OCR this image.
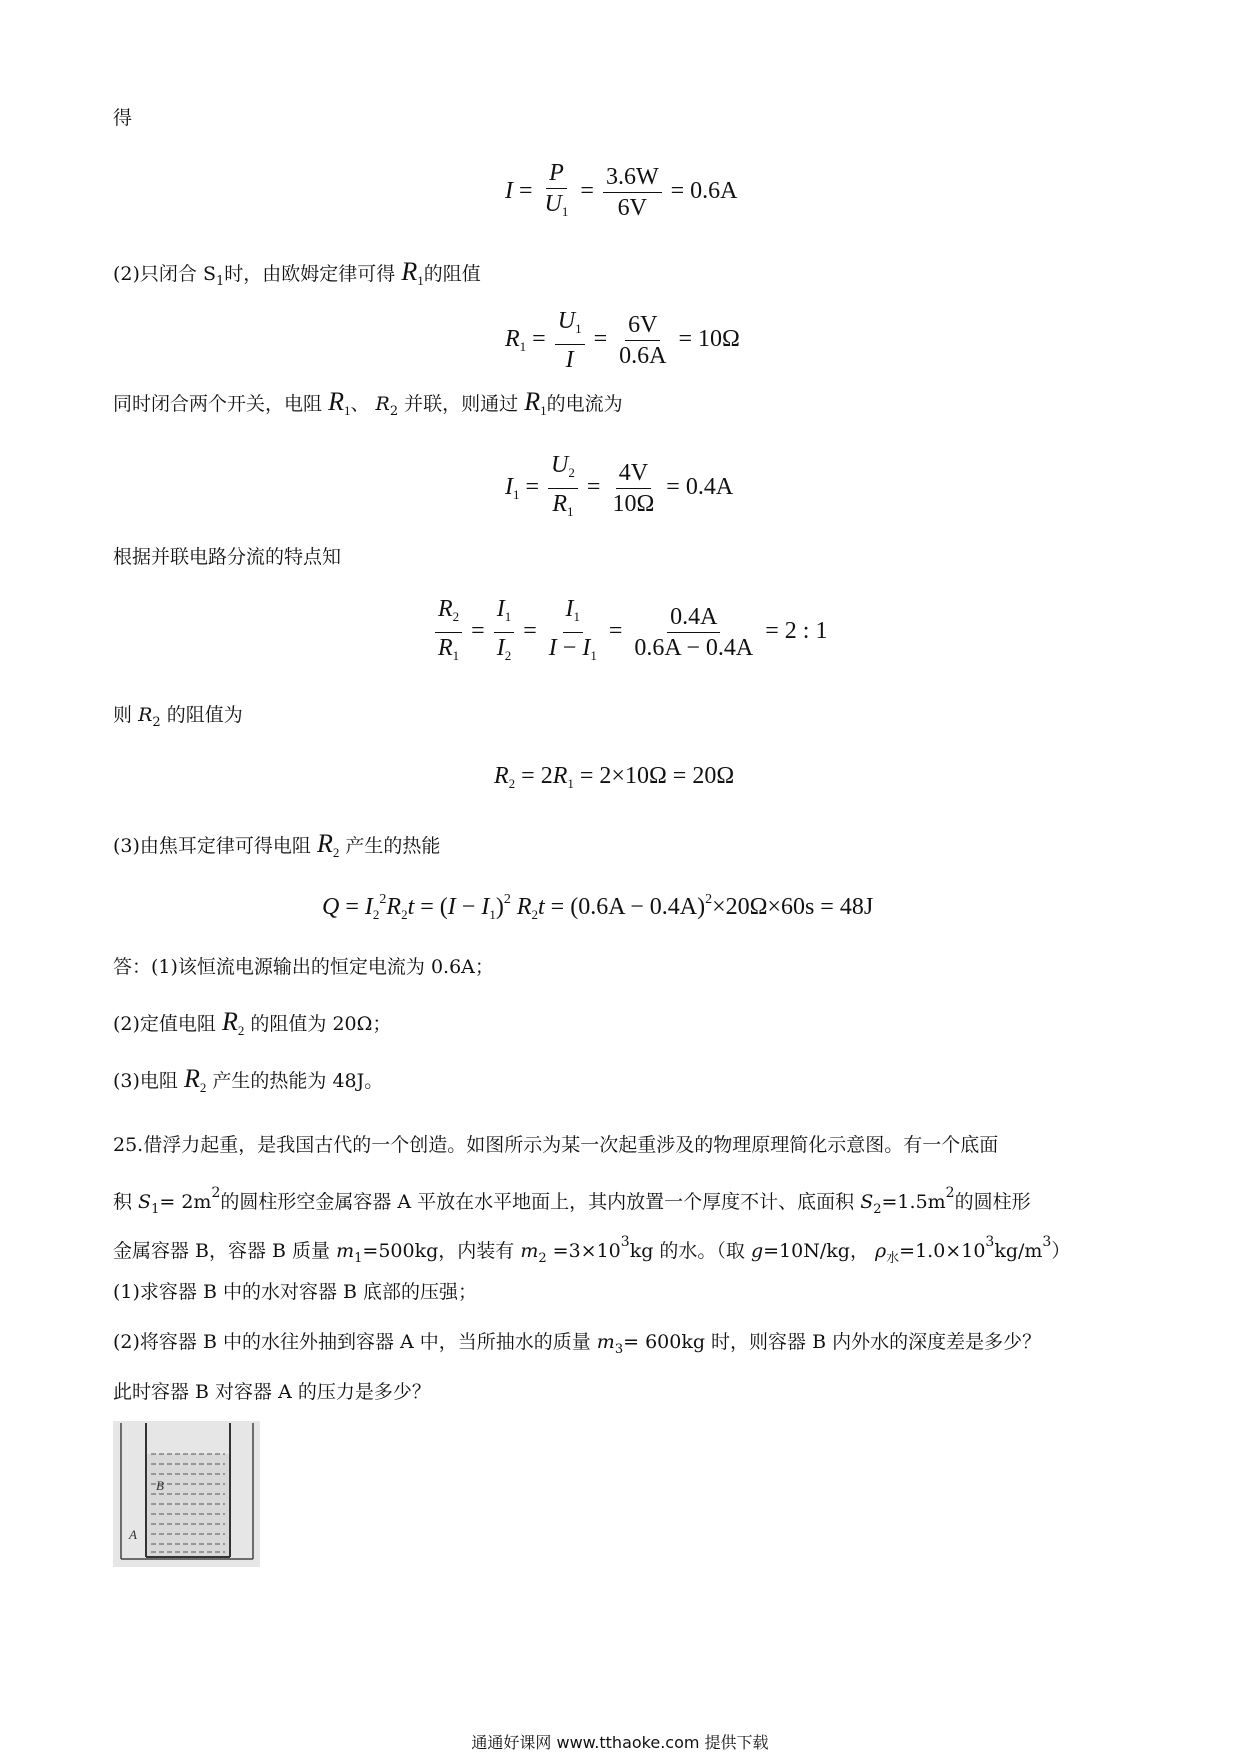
得
$I = \frac{P}{U_1} = \frac{3.6W}{6V} = 0.6A$
(2)只闭合 $S_1$时，由欧姆定律可得 $R_1$的阻值
$R_1 = \frac{U_1}{I} = \frac{6V}{0.6A} = 10\Omega$
同时闭合两个开关，电阻 $R_1$、 $R_2$ 并联，则通过 $R_1$的电流为
$I_1 = \frac{U_2}{R_1} = \frac{4V}{10\Omega} = 0.4A$
根据并联电路分流的特点知
$\frac{R_2}{R_1} = \frac{I_1}{I_2} = \frac{I_1}{I - I_1} = \frac{0.4A}{0.6A - 0.4A} = 2$ : 1
则 $R_2$ 的阻值为
$R_2 = 2R_1 = 2\times 10\Omega = 20\Omega$
(3)由焦耳定律可得电阻 $R_2$ 产生的热能
$Q = I_2^2R_2t = (I - I_1)^2$ $R_2t = (0.6A - 0.4A)^2\times 20\Omega\times 60s = 48J$
答：(1)该恒流电源输出的恒定电流为 0.6A；
(2)定值电阻 $R_2$ 的阻值为 20Ω；
(3)电阻 $R_2$ 产生的热能为 48J。
25.借浮力起重，是我国古代的一个创造。如图所示为某一次起重涉及的物理原理简化示意图。有一个底面
积 $S_1= 2m^2$的圆柱形空金属容器 A 平放在水平地面上，其内放置一个厚度不计、底面积 $S_2=1.5m^2$的圆柱形
金属容器 B，容器 B 质量 $m_1=500kg$，内装有 $m_2 =3\times 10^3kg$ 的水。（取 g=10N/kg， $\rho_水=1.0\times 10^3kg/m^3$）
(1)求容器 B 中的水对容器 B 底部的压强；
(2)将容器 B 中的水往外抽到容器 A 中，当所抽水的质量 $m_3= 600kg$ 时，则容器 B 内外水的深度差是多少？
此时容器 B 对容器 A 的压力是多少？
B
A
通通好课网 www.tthaoke.com 提供下载
